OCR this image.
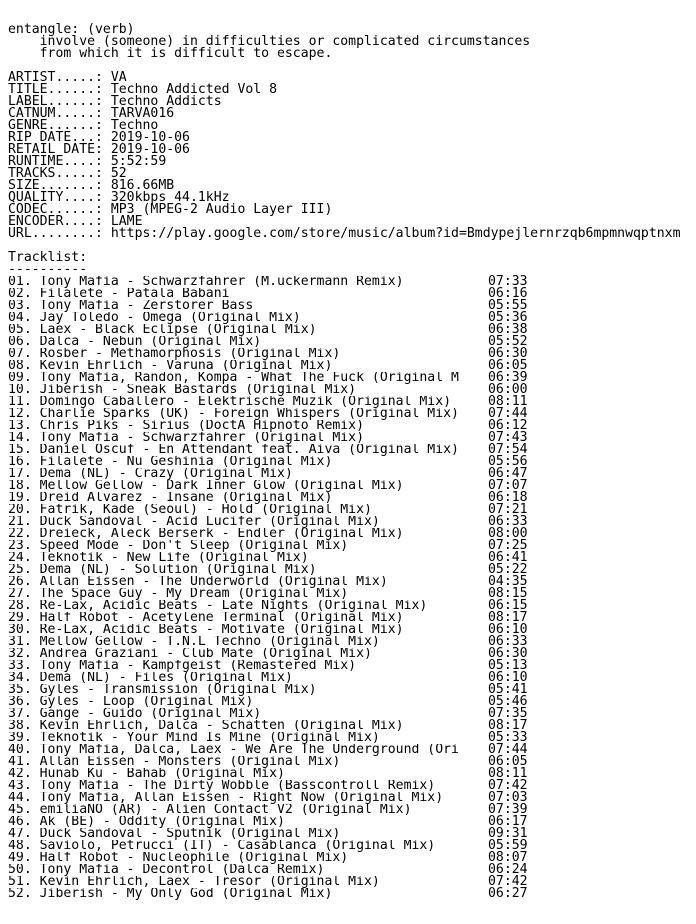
entangle: (verb)
involve (someone) in difficulties or complicated circumstances
from which it is difficult to escape.
ARTIST.....: VA
TITLE......: Techno Addicted Vol 8
LABEL......: Techno Addicts
CATNUM.....: TARVA016
GENRE......: Techno
RIP DATE...: 2019-10-06
RETAIL DATE: 2019-10-06
RUNTIME....: 5:52:59
TRACKS.....: 52
SIZE.......: 816.66MB
QUALITY....: 320kbps 44.1kHz
CODEC......: MP3 (MPEG-2 Audio Layer III)
ENCODER....: LAME
URL........: https://play.google.com/store/music/album?id=Bmdypejlernrzqb6mpmnwqptnxm
Tracklist:
----------
01. Tony Mafia - Schwarzfahrer (M.uckermann Remix)	07:33
02. Filalete - Patala Babani	06:16
03. Tony Mafia - Zerstorer Bass	05:55
04. Jay Toledo - Omega (Original Mix)	05:36
05. Laex - Black Eclipse (Original Mix)	06:38
06. Dalca - Nebun (Original Mix)	05:52
07. Rosber - Methamorphosis (Original Mix)	06:30
08. Kevin Ehrlich - Varuna (Original Mix)	06:05
09. Tony Mafia, Randon, Kompa - What The Fuck (Original M	06:39
10. Jiberish - Sneak Bastards (Original Mix)	06:00
11. Domingo Caballero - Elektrische Muzik (Original Mix)	08:11
12. Charlie Sparks (UK) - Foreign Whispers (Original Mix)	07:44
13. Chris Piks - Sirius (DoctA Hipnoto Remix)	06:12
14. Tony Mafia - Schwarzfahrer (Original Mix)	07:43
15. Daniel Oscuf - En Attendant feat. Aiva (Original Mix)	07:54
16. Filalete - Nu Geshinia (Original Mix)	05:56
17. Dema (NL) - Crazy (Original Mix)	06:47
18. Mellow Gellow - Dark Inner Glow (Original Mix)	07:07
19. Dreid Alvarez - Insane (Original Mix)	06:18
20. Fatrik, Kade (Seoul) - Hold (Original Mix)	07:21
21. Duck Sandoval - Acid Lucifer (Original Mix)	06:33
22. Dreieck, Aleck Berserk - Endler (Original Mix)	08:00
23. Speed Mode - Don't Sleep (Original Mix)	07:25
24. Teknotik - New Life (Original Mix)	06:41
25. Dema (NL) - Solution (Original Mix)	05:22
26. Allan Eissen - The Underworld (Original Mix)	04:35
27. The Space Guy - My Dream (Original Mix)	08:15
28. Re-Lax, Acidic Beats - Late Nights (Original Mix)	06:15
29. Half Robot - Acetylene Terminal (Original Mix)	08:17
30. Re-Lax, Acidic Beats - Motivate (Original Mix)	06:10
31. Mellow Gellow - T.N.L Techno (Original Mix)	06:33
32. Andrea Graziani - Club Mate (Original Mix)	06:30
33. Tony Mafia - Kampfgeist (Remastered Mix)	05:13
34. Dema (NL) - Files (Original Mix)	06:10
35. Gyles - Transmission (Original Mix)	05:41
36. Gyles - Loop (Original Mix)	05:46
37. Gange - Guido (Original Mix)	07:35
38. Kevin Ehrlich, Dalca - Schatten (Original Mix)	08:17
39. Teknotik - Your Mind Is Mine (Original Mix)	05:33
40. Tony Mafia, Dalca, Laex - We Are The Underground (Ori	07:44
41. Allan Eissen - Monsters (Original Mix)	06:05
42. Hunab Ku - Bahab (Original Mix)	08:11
43. Tony Mafia - The Dirty Wobble (Basscontroll Remix)	07:42
44. Tony Mafia, Allan Eissen - Right Now (Original Mix)	07:03
45. emiliaNO (AR) - Alien Contact V2 (Original Mix)	07:39
46. Ak (BE) - Oddity (Original Mix)	06:17
47. Duck Sandoval - Sputnik (Original Mix)	09:31
48. Saviolo, Petrucci (IT) - Casablanca (Original Mix)	05:59
49. Half Robot - Nucleophile (Original Mix)	08:07
50. Tony Mafia - Decontrol (Dalca Remix)	06:24
51. Kevin Ehrlich, Laex - Tresor (Original Mix)	07:42
52. Jiberish - My Only God (Original Mix)	06:27
